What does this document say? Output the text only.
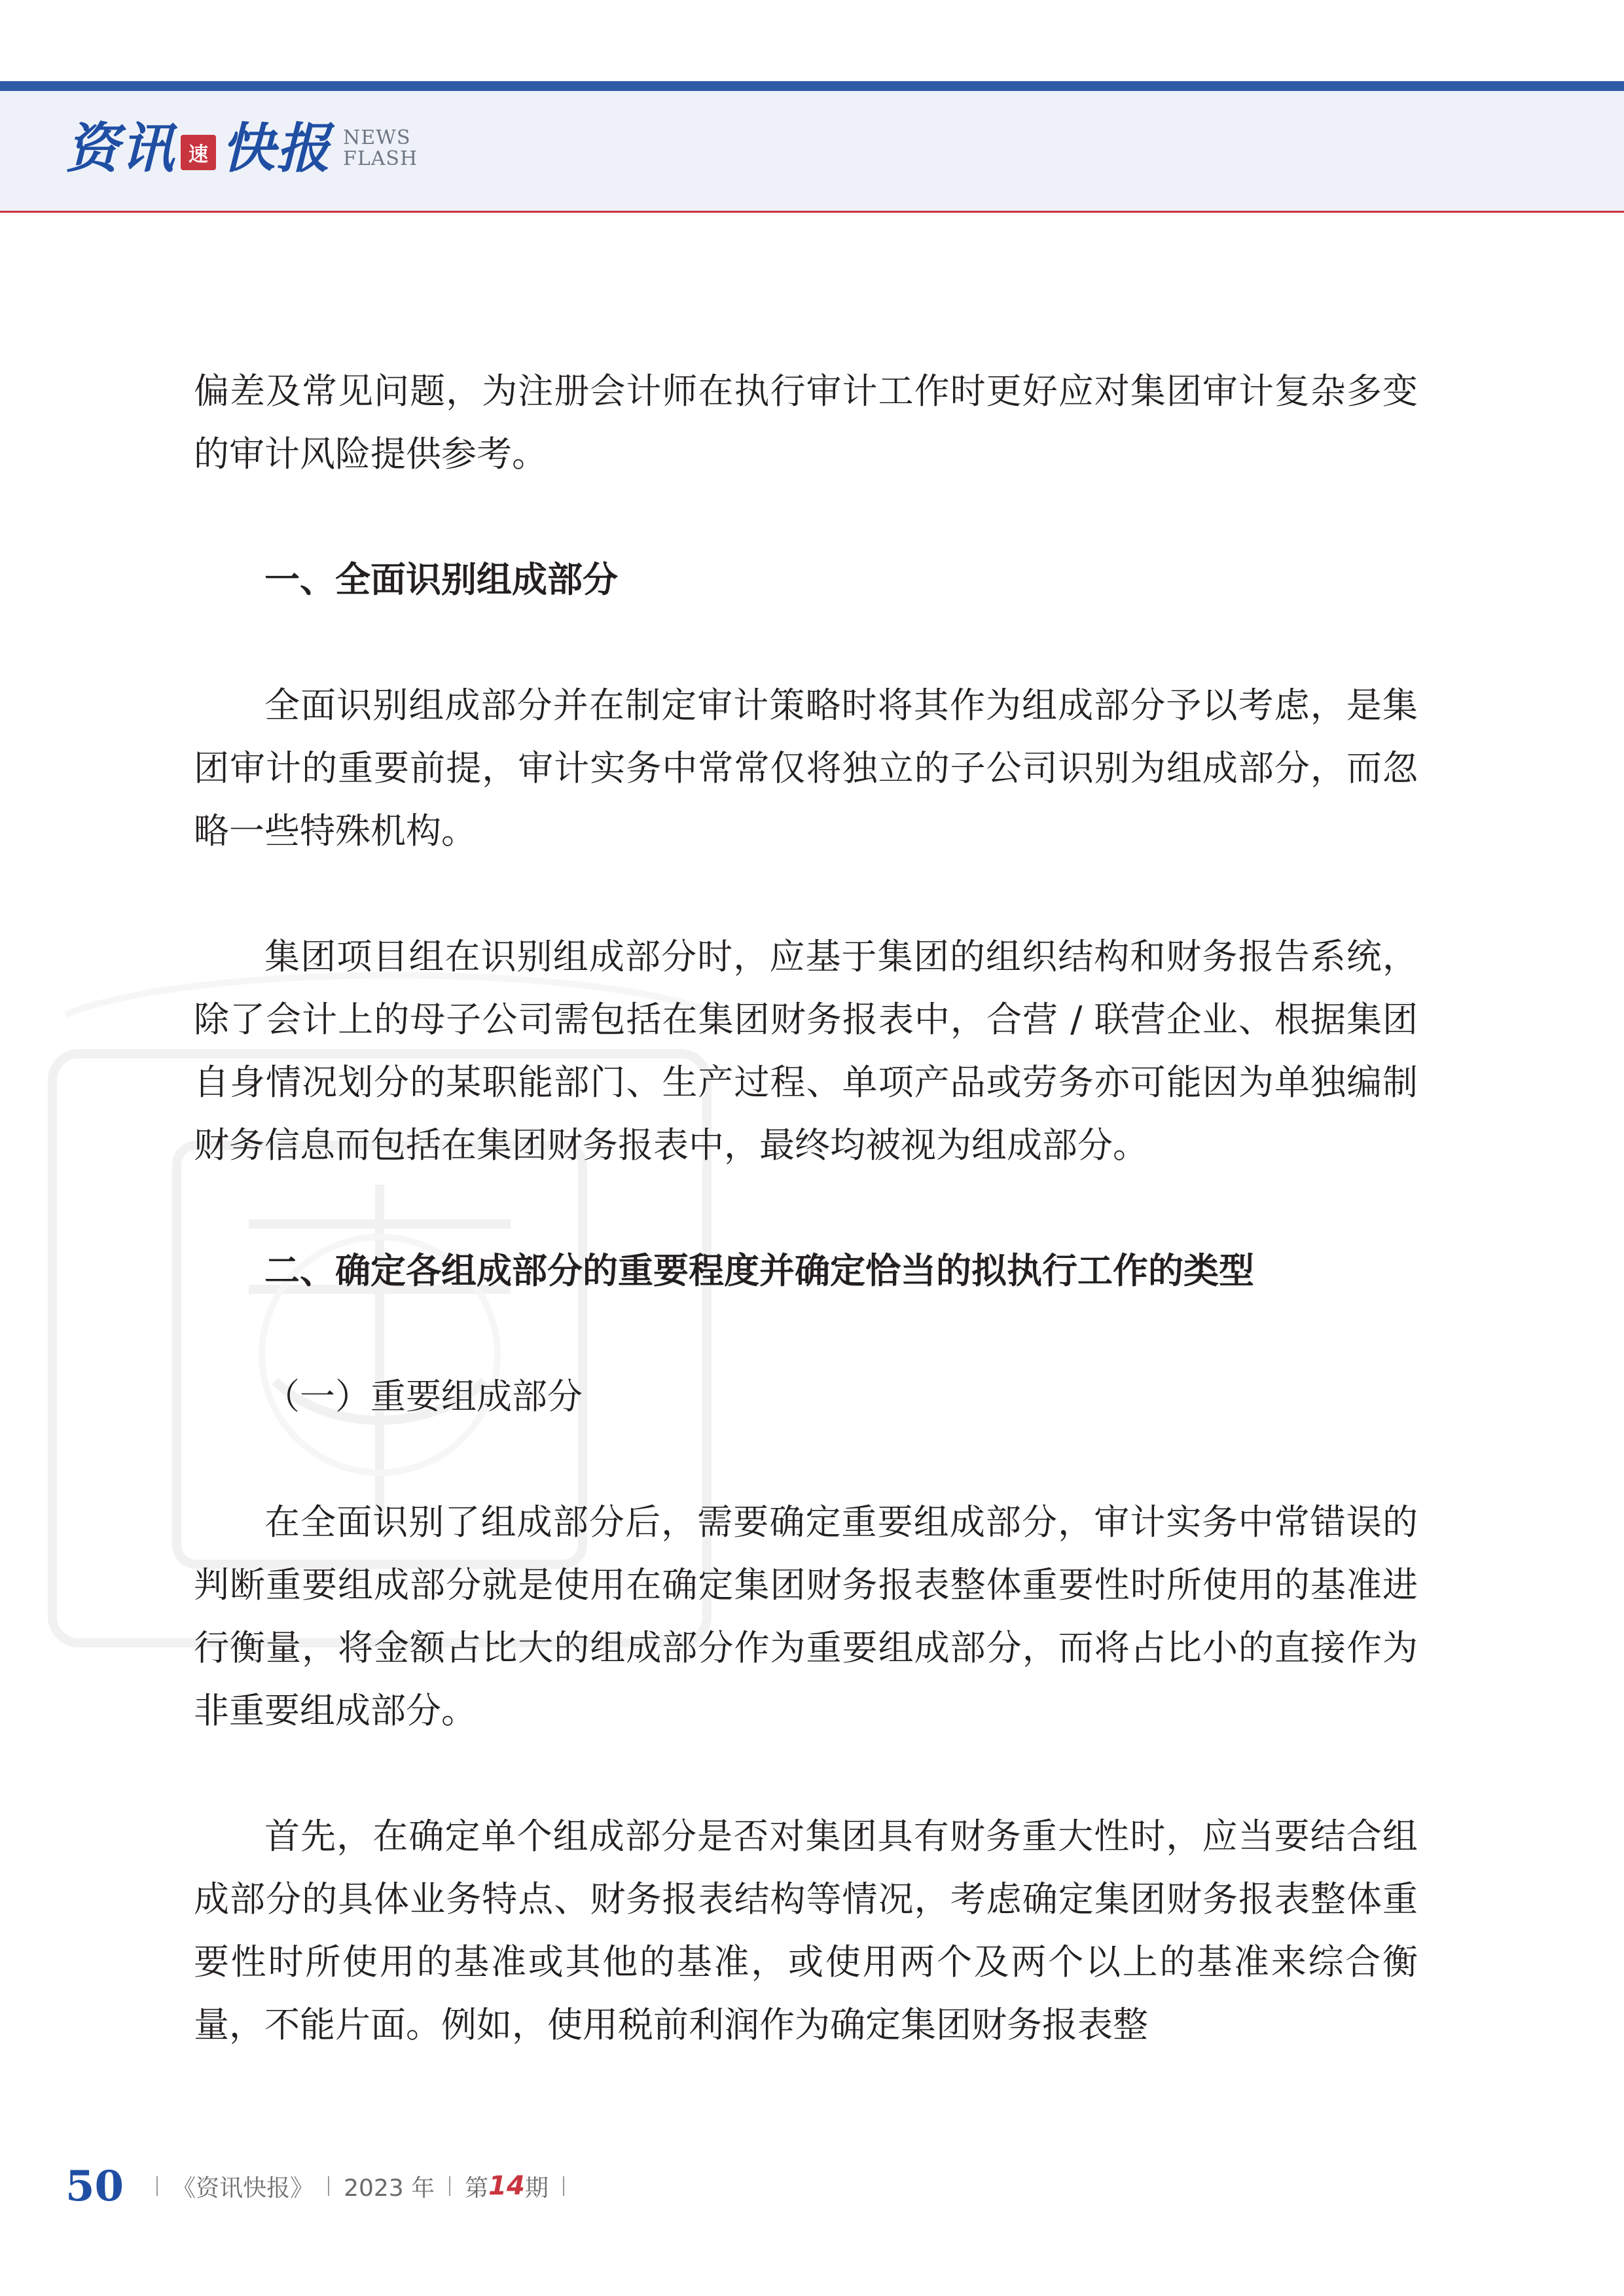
资讯 速 快报 NEWS
FLASH

偏差及常见问题，为注册会计师在执行审计工作时更好应对集团审计复杂多变的审计风险提供参考。

一、全面识别组成部分

全面识别组成部分并在制定审计策略时将其作为组成部分予以考虑，是集团审计的重要前提，审计实务中常常仅将独立的子公司识别为组成部分，而忽略一些特殊机构。

集团项目组在识别组成部分时，应基于集团的组织结构和财务报告系统，除了会计上的母子公司需包括在集团财务报表中，合营 / 联营企业、根据集团自身情况划分的某职能部门、生产过程、单项产品或劳务亦可能因为单独编制财务信息而包括在集团财务报表中，最终均被视为组成部分。

二、确定各组成部分的重要程度并确定恰当的拟执行工作的类型

（一）重要组成部分

在全面识别了组成部分后，需要确定重要组成部分，审计实务中常错误的判断重要组成部分就是使用在确定集团财务报表整体重要性时所使用的基准进行衡量，将金额占比大的组成部分作为重要组成部分，而将占比小的直接作为非重要组成部分。

首先，在确定单个组成部分是否对集团具有财务重大性时，应当要结合组成部分的具体业务特点、财务报表结构等情况，考虑确定集团财务报表整体重要性时所使用的基准或其他的基准，或使用两个及两个以上的基准来综合衡量，不能片面。例如，使用税前利润作为确定集团财务报表整

50 《资讯快报》 2023 年 第 14 期
